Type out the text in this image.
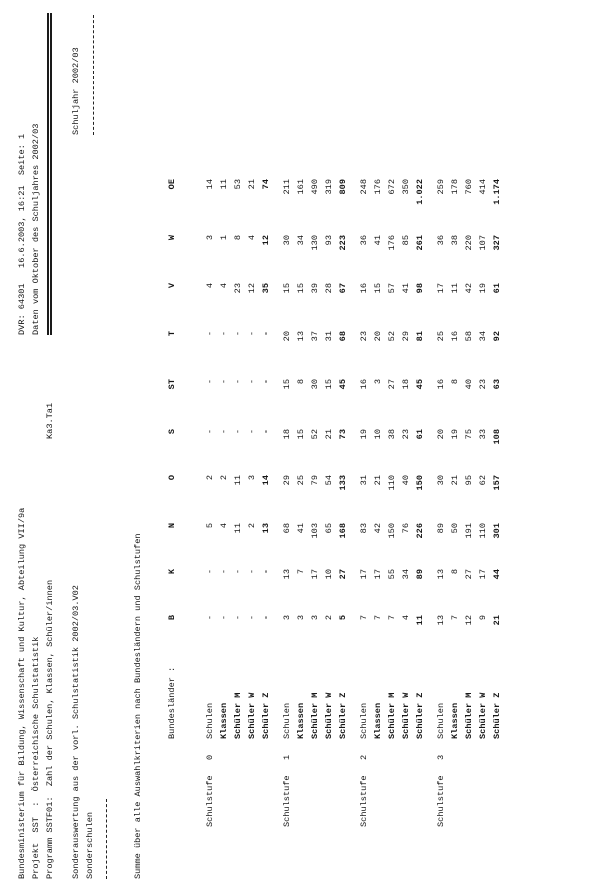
Bundesministerium für Bildung, Wissenschaft und Kultur, Abteilung VII/9a
DVR: 64301   16.6.2003, 16:21  Seite: 1
Projekt  SST  :  Österreichische Schulstatistik
Daten vom Oktober des Schuljahres 2002/03
Programm SSTF01:  Zahl der Schulen, Klassen, Schüler/innen
Ka3.Ta1
Sonderauswertung aus der vorl. Schulstatistik 2002/03.V02
Schuljahr 2002/03
Sonderschulen	Summe über alle Auswahlkriterien nach Bundesländern und Schulstufen	Bundesländer :
B
K
N
O
S
ST
T
V
W
OE
Schulstufe   0
Schulen
-
-
5
2
-
-
-
4
3
14
Klassen
-
-
4
2
-
-
-
4
1
11
Schüler M
-
-
11
11
-
-
-
23
8
53
Schüler W
-
-
2
3
-
-
-
12
4
21
Schüler Z
-
-
13
14
-
-
-
35
12
74
Schulstufe   1
Schulen
3
13
68
29
18
15
20
15
30
211
Klassen
3
7
41
25
15
8
13
15
34
161
Schüler M
3
17
103
79
52
30
37
39
130
490
Schüler W
2
10
65
54
21
15
31
28
93
319
Schüler Z
5
27
168
133
73
45
68
67
223
809
Schulstufe   2
Schulen
7
17
83
31
19
16
23
16
36
248
Klassen
7
17
42
21
10
3
20
15
41
176
Schüler M
7
55
150
110
38
27
52
57
176
672
Schüler W
4
34
76
40
23
18
29
41
85
350
Schüler Z
11
89
226
150
61
45
81
98
261
1.022
Schulstufe   3
Schulen
13
13
89
30
20
16
25
17
36
259
Klassen
7
8
50
21
19
8
16
11
38
178
Schüler M
12
27
191
95
75
40
58
42
220
760
Schüler W
9
17
110
62
33
23
34
19
107
414
Schüler Z
21
44
301
157
108
63
92
61
327
1.174
